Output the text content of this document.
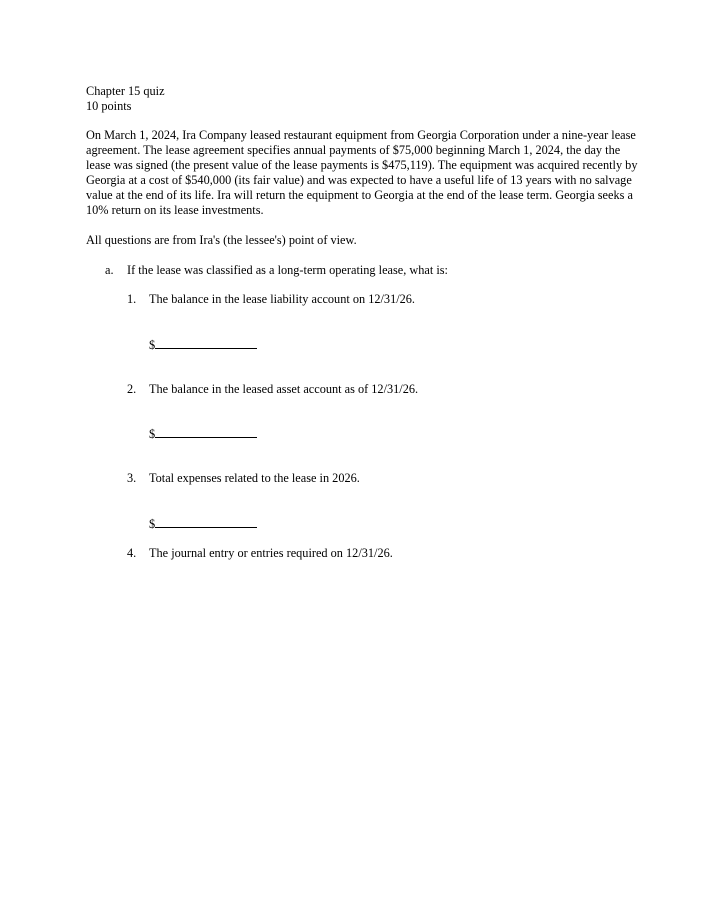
Chapter 15 quiz

10 points

On March 1, 2024, Ira Company leased restaurant equipment from Georgia Corporation under a nine-year lease agreement. The lease agreement specifies annual payments of $75,000 beginning March 1, 2024, the day the lease was signed (the present value of the lease payments is $475,119). The equipment was acquired recently by Georgia at a cost of $540,000 (its fair value) and was expected to have a useful life of 13 years with no salvage value at the end of its life. Ira will return the equipment to Georgia at the end of the lease term. Georgia seeks a 10% return on its lease investments.

All questions are from Ira's (the lessee's) point of view.

a. If the lease was classified as a long-term operating lease, what is:

1. The balance in the lease liability account on 12/31/26.

$

2. The balance in the leased asset account as of 12/31/26.

$

3. Total expenses related to the lease in 2026.

$

4. The journal entry or entries required on 12/31/26.
